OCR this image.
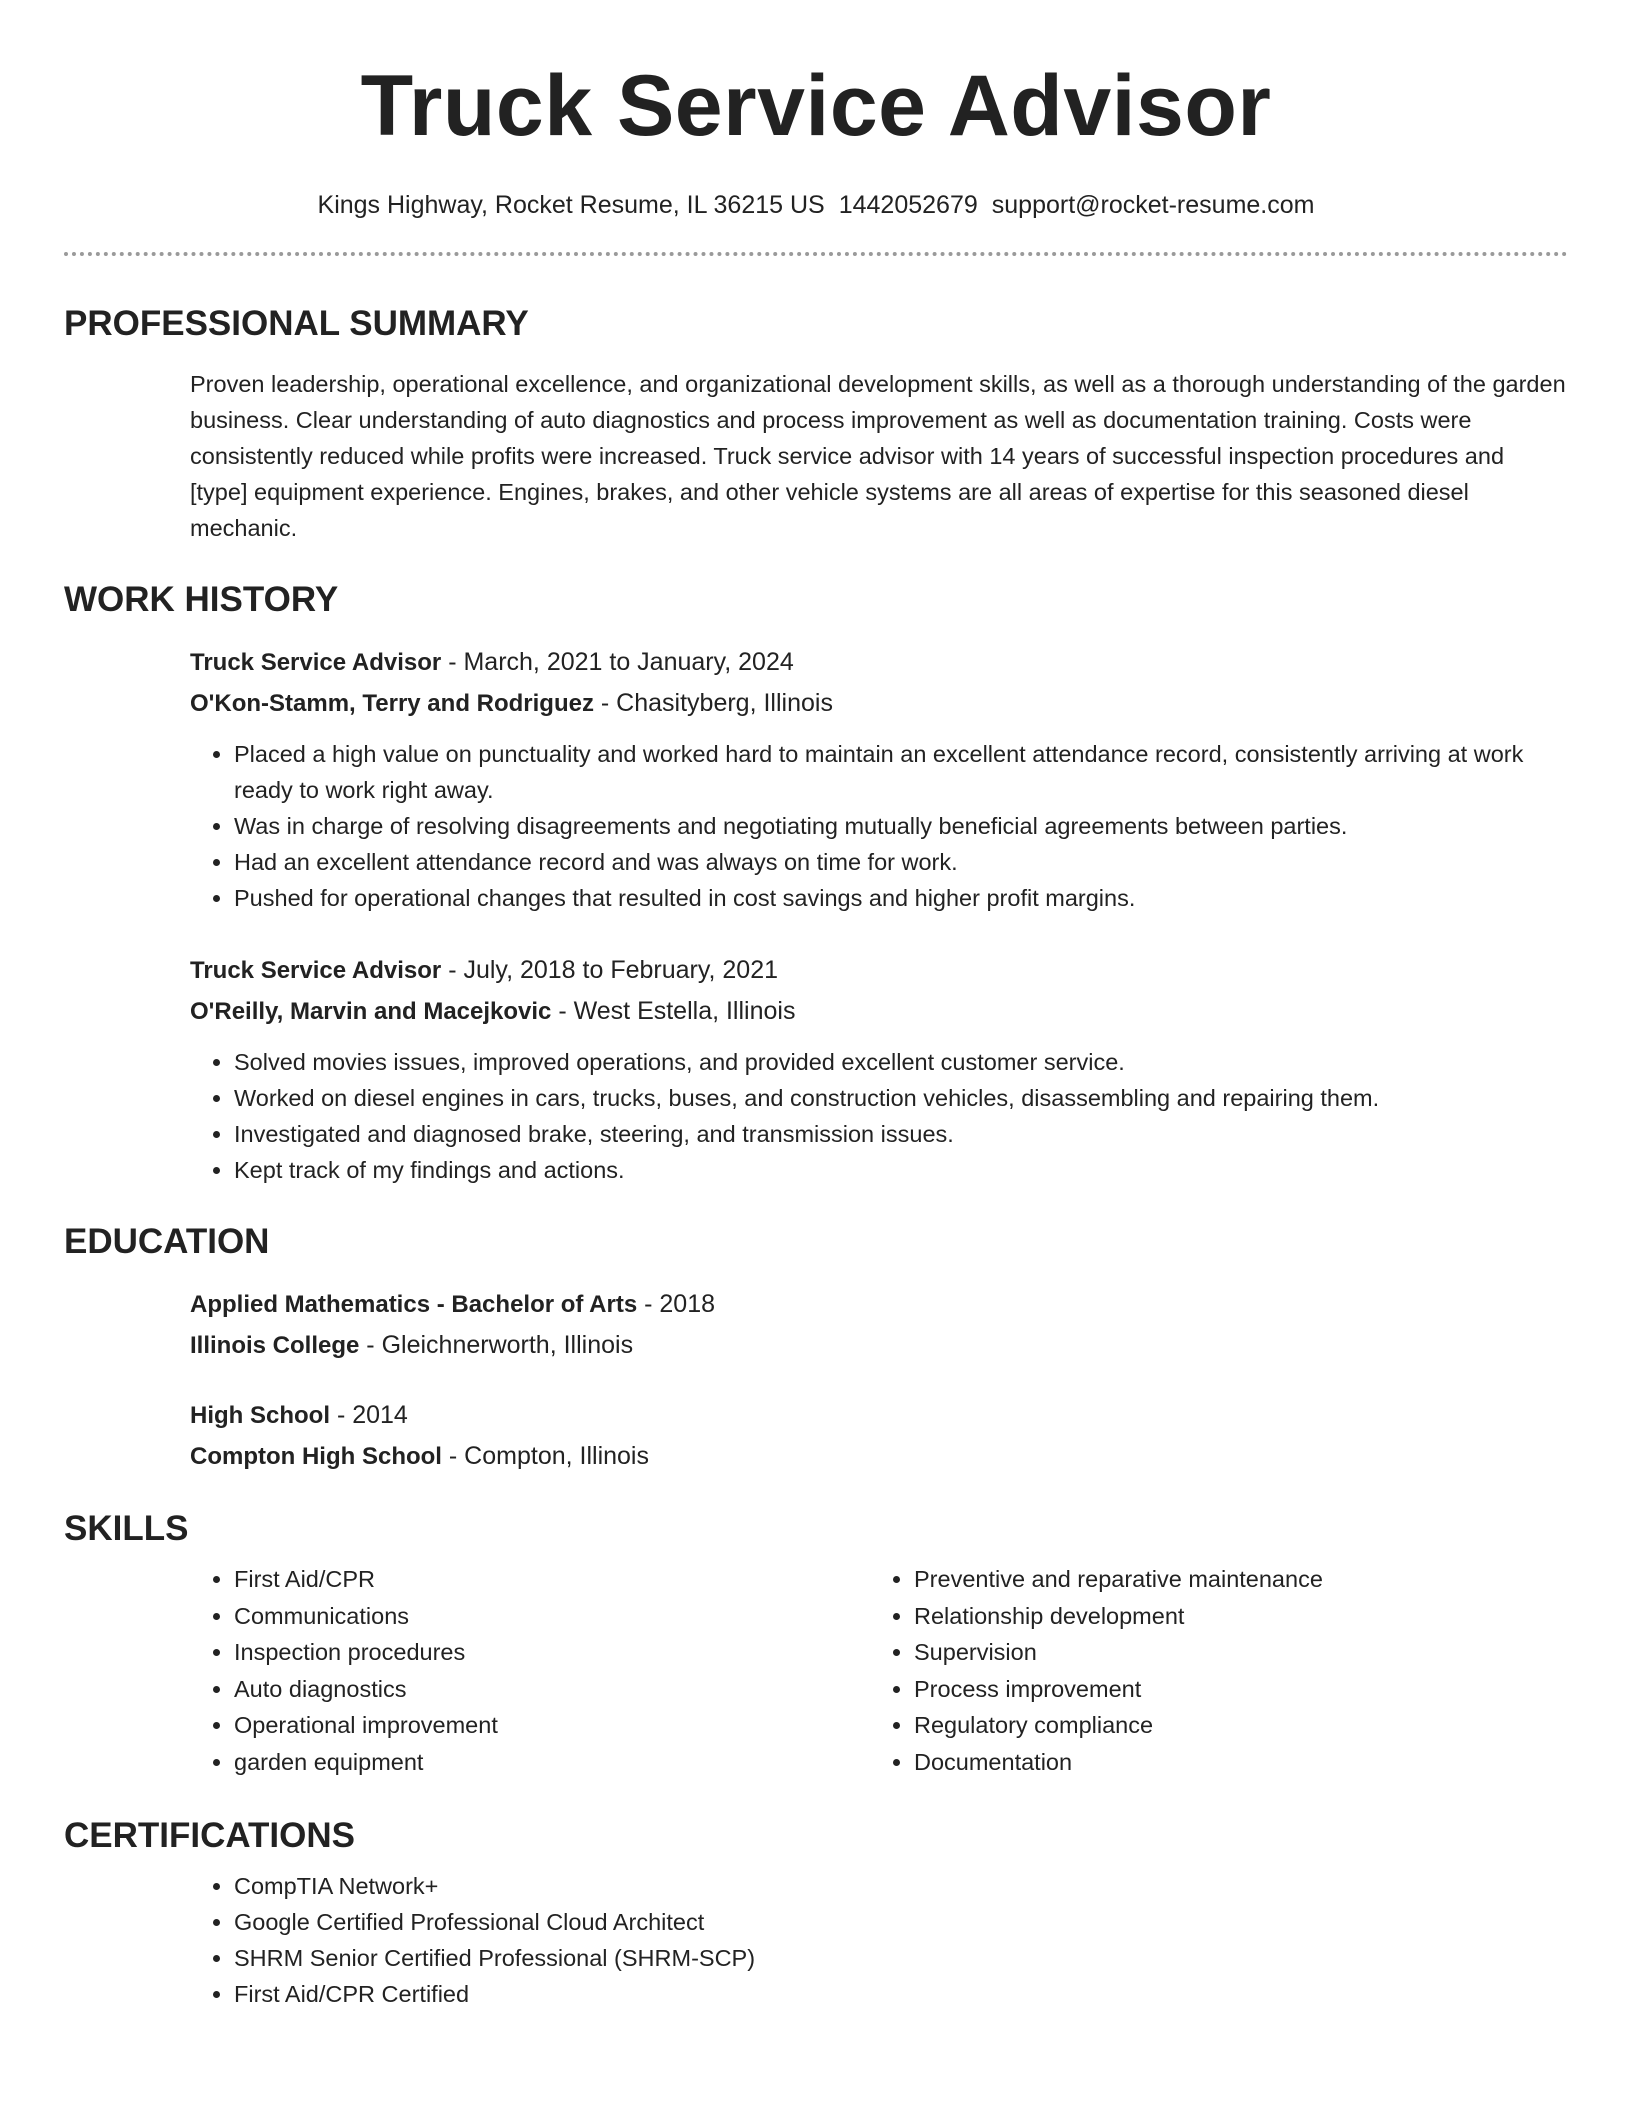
Truck Service Advisor
Kings Highway, Rocket Resume, IL 36215 US 1442052679 support@rocket-resume.com
PROFESSIONAL SUMMARY
Proven leadership, operational excellence, and organizational development skills, as well as a thorough understanding of the garden business. Clear understanding of auto diagnostics and process improvement as well as documentation training. Costs were consistently reduced while profits were increased. Truck service advisor with 14 years of successful inspection procedures and [type] equipment experience. Engines, brakes, and other vehicle systems are all areas of expertise for this seasoned diesel mechanic.
WORK HISTORY
Truck Service Advisor - March, 2021 to January, 2024
O'Kon-Stamm, Terry and Rodriguez - Chasityberg, Illinois
• Placed a high value on punctuality and worked hard to maintain an excellent attendance record, consistently arriving at work ready to work right away.
• Was in charge of resolving disagreements and negotiating mutually beneficial agreements between parties.
• Had an excellent attendance record and was always on time for work.
• Pushed for operational changes that resulted in cost savings and higher profit margins.
Truck Service Advisor - July, 2018 to February, 2021
O'Reilly, Marvin and Macejkovic - West Estella, Illinois
• Solved movies issues, improved operations, and provided excellent customer service.
• Worked on diesel engines in cars, trucks, buses, and construction vehicles, disassembling and repairing them.
• Investigated and diagnosed brake, steering, and transmission issues.
• Kept track of my findings and actions.
EDUCATION
Applied Mathematics - Bachelor of Arts - 2018
Illinois College - Gleichnerworth, Illinois
High School - 2014
Compton High School - Compton, Illinois
SKILLS
• First Aid/CPR
• Communications
• Inspection procedures
• Auto diagnostics
• Operational improvement
• garden equipment
• Preventive and reparative maintenance
• Relationship development
• Supervision
• Process improvement
• Regulatory compliance
• Documentation
CERTIFICATIONS
• CompTIA Network+
• Google Certified Professional Cloud Architect
• SHRM Senior Certified Professional (SHRM-SCP)
• First Aid/CPR Certified
